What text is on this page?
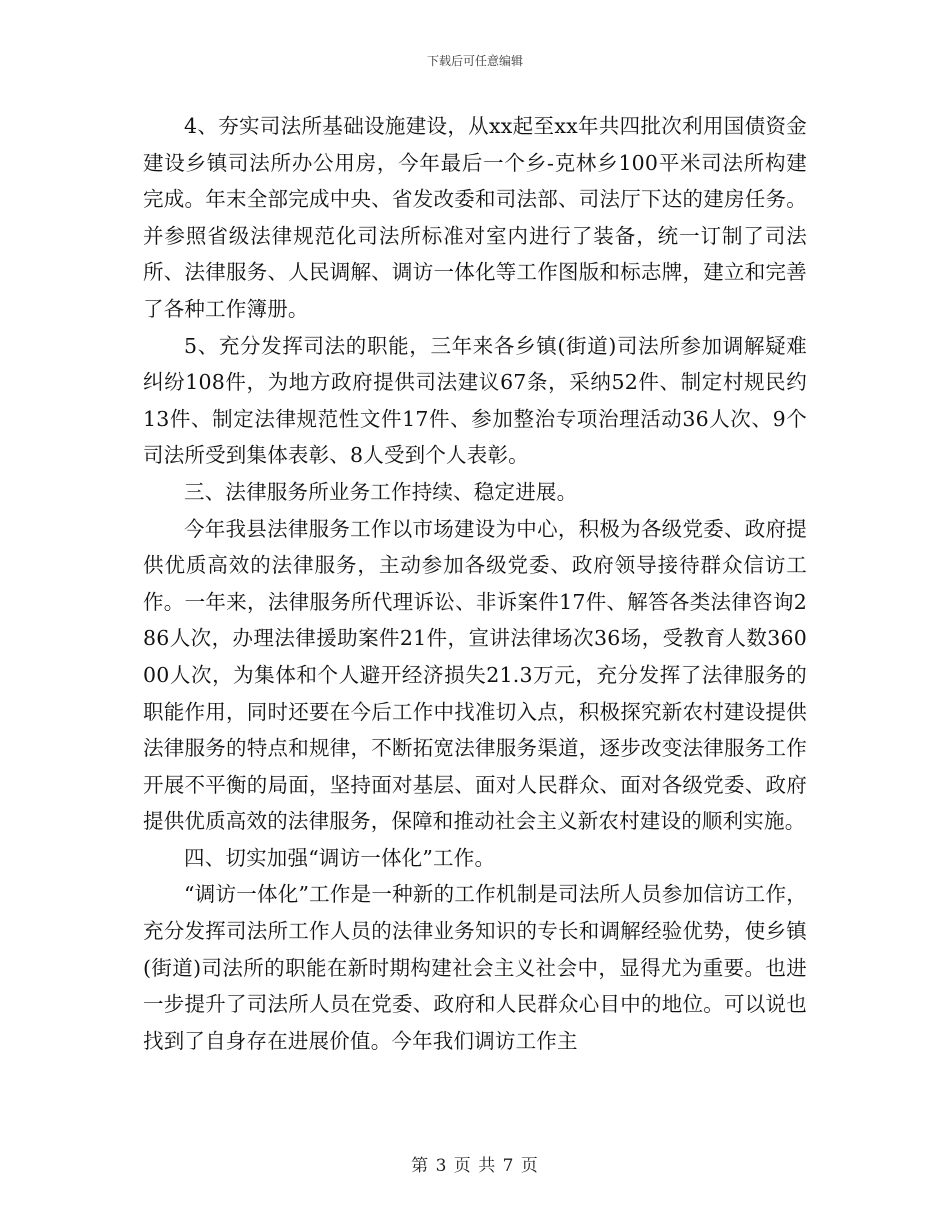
下载后可任意编辑

4、夯实司法所基础设施建设，从xx起至xx年共四批次利用国债资金建设乡镇司法所办公用房，今年最后一个乡-克林乡100平米司法所构建完成。年末全部完成中央、省发改委和司法部、司法厅下达的建房任务。并参照省级法律规范化司法所标准对室内进行了装备，统一订制了司法所、法律服务、人民调解、调访一体化等工作图版和标志牌，建立和完善了各种工作簿册。

5、充分发挥司法的职能，三年来各乡镇(街道)司法所参加调解疑难纠纷108件，为地方政府提供司法建议67条，采纳52件、制定村规民约13件、制定法律规范性文件17件、参加整治专项治理活动36人次、9个司法所受到集体表彰、8人受到个人表彰。

三、法律服务所业务工作持续、稳定进展。

今年我县法律服务工作以市场建设为中心，积极为各级党委、政府提供优质高效的法律服务，主动参加各级党委、政府领导接待群众信访工作。一年来，法律服务所代理诉讼、非诉案件17件、解答各类法律咨询286人次，办理法律援助案件21件，宣讲法律场次36场，受教育人数36000人次，为集体和个人避开经济损失21.3万元，充分发挥了法律服务的职能作用，同时还要在今后工作中找准切入点，积极探究新农村建设提供法律服务的特点和规律，不断拓宽法律服务渠道，逐步改变法律服务工作开展不平衡的局面，坚持面对基层、面对人民群众、面对各级党委、政府提供优质高效的法律服务，保障和推动社会主义新农村建设的顺利实施。

四、切实加强“调访一体化”工作。

“调访一体化”工作是一种新的工作机制是司法所人员参加信访工作，充分发挥司法所工作人员的法律业务知识的专长和调解经验优势，使乡镇(街道)司法所的职能在新时期构建社会主义社会中，显得尤为重要。也进一步提升了司法所人员在党委、政府和人民群众心目中的地位。可以说也找到了自身存在进展价值。今年我们调访工作主

第 3 页 共 7 页
